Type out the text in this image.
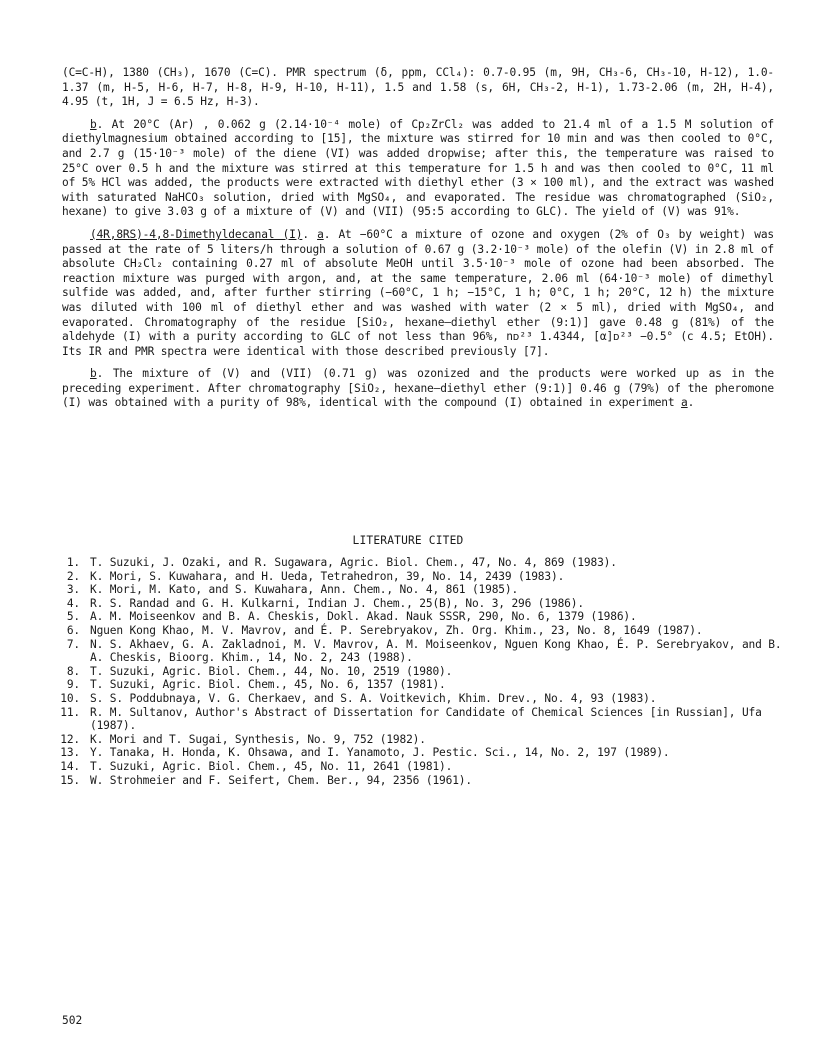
(C=C-H), 1380 (CH₃), 1670 (C=C). PMR spectrum (δ, ppm, CCl₄): 0.7-0.95 (m, 9H, CH₃-6, CH₃-10, H-12), 1.0-1.37 (m, H-5, H-6, H-7, H-8, H-9, H-10, H-11), 1.5 and 1.58 (s, 6H, CH₃-2, H-1), 1.73-2.06 (m, 2H, H-4), 4.95 (t, 1H, J = 6.5 Hz, H-3).

b. At 20°C (Ar) , 0.062 g (2.14·10⁻⁴ mole) of Cp₂ZrCl₂ was added to 21.4 ml of a 1.5 M solution of diethylmagnesium obtained according to [15], the mixture was stirred for 10 min and was then cooled to 0°C, and 2.7 g (15·10⁻³ mole) of the diene (VI) was added dropwise; after this, the temperature was raised to 25°C over 0.5 h and the mixture was stirred at this temperature for 1.5 h and was then cooled to 0°C, 11 ml of 5% HCl was added, the products were extracted with diethyl ether (3 × 100 ml), and the extract was washed with saturated NaHCO₃ solution, dried with MgSO₄, and evaporated. The residue was chromatographed (SiO₂, hexane) to give 3.03 g of a mixture of (V) and (VII) (95:5 according to GLC). The yield of (V) was 91%.

(4R,8RS)-4,8-Dimethyldecanal (I). a. At −60°C a mixture of ozone and oxygen (2% of O₃ by weight) was passed at the rate of 5 liters/h through a solution of 0.67 g (3.2·10⁻³ mole) of the olefin (V) in 2.8 ml of absolute CH₂Cl₂ containing 0.27 ml of absolute MeOH until 3.5·10⁻³ mole of ozone had been absorbed. The reaction mixture was purged with argon, and, at the same temperature, 2.06 ml (64·10⁻³ mole) of dimethyl sulfide was added, and, after further stirring (−60°C, 1 h; −15°C, 1 h; 0°C, 1 h; 20°C, 12 h) the mixture was diluted with 100 ml of diethyl ether and was washed with water (2 × 5 ml), dried with MgSO₄, and evaporated. Chromatography of the residue [SiO₂, hexane–diethyl ether (9:1)] gave 0.48 g (81%) of the aldehyde (I) with a purity according to GLC of not less than 96%, nᴅ²³ 1.4344, [α]ᴅ²³ −0.5° (c 4.5; EtOH). Its IR and PMR spectra were identical with those described previously [7].

b. The mixture of (V) and (VII) (0.71 g) was ozonized and the products were worked up as in the preceding experiment. After chromatography [SiO₂, hexane–diethyl ether (9:1)] 0.46 g (79%) of the pheromone (I) was obtained with a purity of 98%, identical with the compound (I) obtained in experiment a.

LITERATURE CITED
1. T. Suzuki, J. Ozaki, and R. Sugawara, Agric. Biol. Chem., 47, No. 4, 869 (1983).
2. K. Mori, S. Kuwahara, and H. Ueda, Tetrahedron, 39, No. 14, 2439 (1983).
3. K. Mori, M. Kato, and S. Kuwahara, Ann. Chem., No. 4, 861 (1985).
4. R. S. Randad and G. H. Kulkarni, Indian J. Chem., 25(B), No. 3, 296 (1986).
5. A. M. Moiseenkov and B. A. Cheskis, Dokl. Akad. Nauk SSSR, 290, No. 6, 1379 (1986).
6. Nguen Kong Khao, M. V. Mavrov, and É. P. Serebryakov, Zh. Org. Khim., 23, No. 8, 1649 (1987).
7. N. S. Akhaev, G. A. Zakladnoi, M. V. Mavrov, A. M. Moiseenkov, Nguen Kong Khao, É. P. Serebryakov, and B. A. Cheskis, Bioorg. Khim., 14, No. 2, 243 (1988).
8. T. Suzuki, Agric. Biol. Chem., 44, No. 10, 2519 (1980).
9. T. Suzuki, Agric. Biol. Chem., 45, No. 6, 1357 (1981).
10. S. S. Poddubnaya, V. G. Cherkaev, and S. A. Voitkevich, Khim. Drev., No. 4, 93 (1983).
11. R. M. Sultanov, Author's Abstract of Dissertation for Candidate of Chemical Sciences [in Russian], Ufa (1987).
12. K. Mori and T. Sugai, Synthesis, No. 9, 752 (1982).
13. Y. Tanaka, H. Honda, K. Ohsawa, and I. Yanamoto, J. Pestic. Sci., 14, No. 2, 197 (1989).
14. T. Suzuki, Agric. Biol. Chem., 45, No. 11, 2641 (1981).
15. W. Strohmeier and F. Seifert, Chem. Ber., 94, 2356 (1961).
502
